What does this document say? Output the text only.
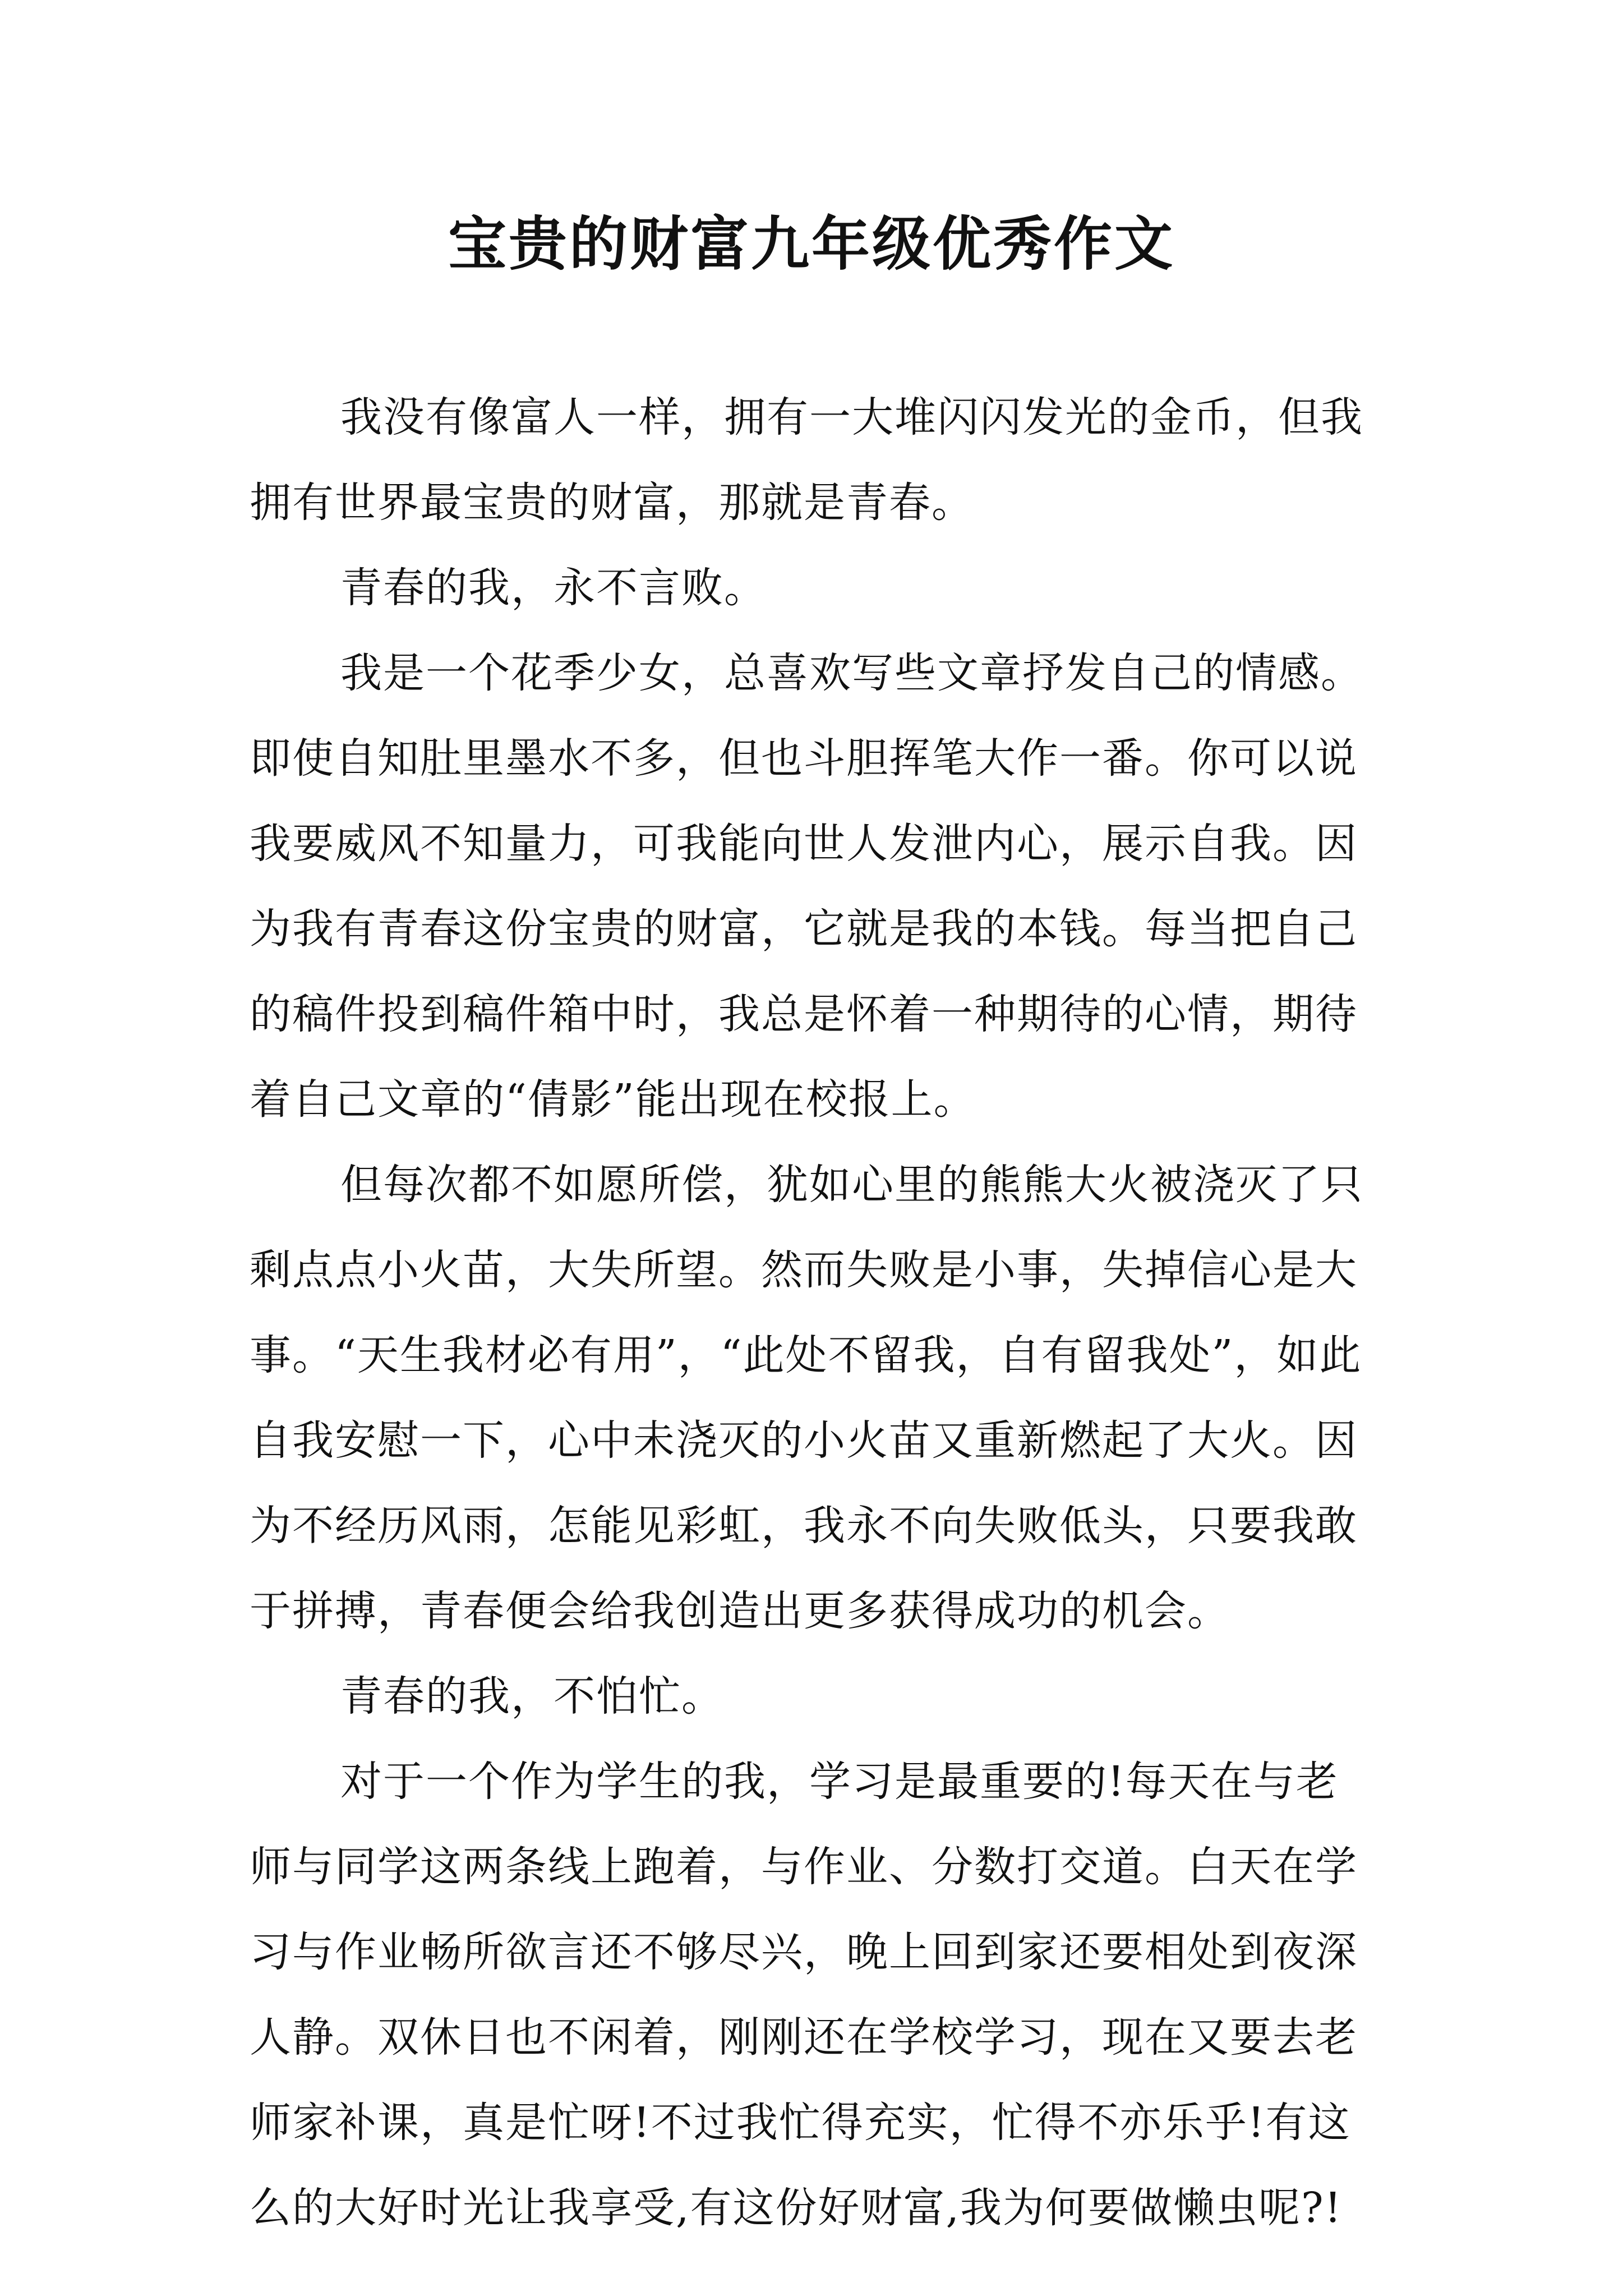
宝贵的财富九年级优秀作文

我没有像富人一样，拥有一大堆闪闪发光的金币，但我

拥有世界最宝贵的财富，那就是青春。

青春的我，永不言败。

我是一个花季少女，总喜欢写些文章抒发自己的情感。

即使自知肚里墨水不多，但也斗胆挥笔大作一番。你可以说

我要威风不知量力，可我能向世人发泄内心，展示自我。因

为我有青春这份宝贵的财富，它就是我的本钱。每当把自己

的稿件投到稿件箱中时，我总是怀着一种期待的心情，期待

着自己文章的“倩影”能出现在校报上。

但每次都不如愿所偿，犹如心里的熊熊大火被浇灭了只

剩点点小火苗，大失所望。然而失败是小事，失掉信心是大

事。“天生我材必有用”，“此处不留我，自有留我处”，如此

自我安慰一下，心中未浇灭的小火苗又重新燃起了大火。因

为不经历风雨，怎能见彩虹，我永不向失败低头，只要我敢

于拼搏，青春便会给我创造出更多获得成功的机会。

青春的我，不怕忙。

对于一个作为学生的我，学习是最重要的!每天在与老

师与同学这两条线上跑着，与作业、分数打交道。白天在学

习与作业畅所欲言还不够尽兴，晚上回到家还要相处到夜深

人静。双休日也不闲着，刚刚还在学校学习，现在又要去老

师家补课，真是忙呀!不过我忙得充实，忙得不亦乐乎!有这

么的大好时光让我享受,有这份好财富,我为何要做懒虫呢?!
